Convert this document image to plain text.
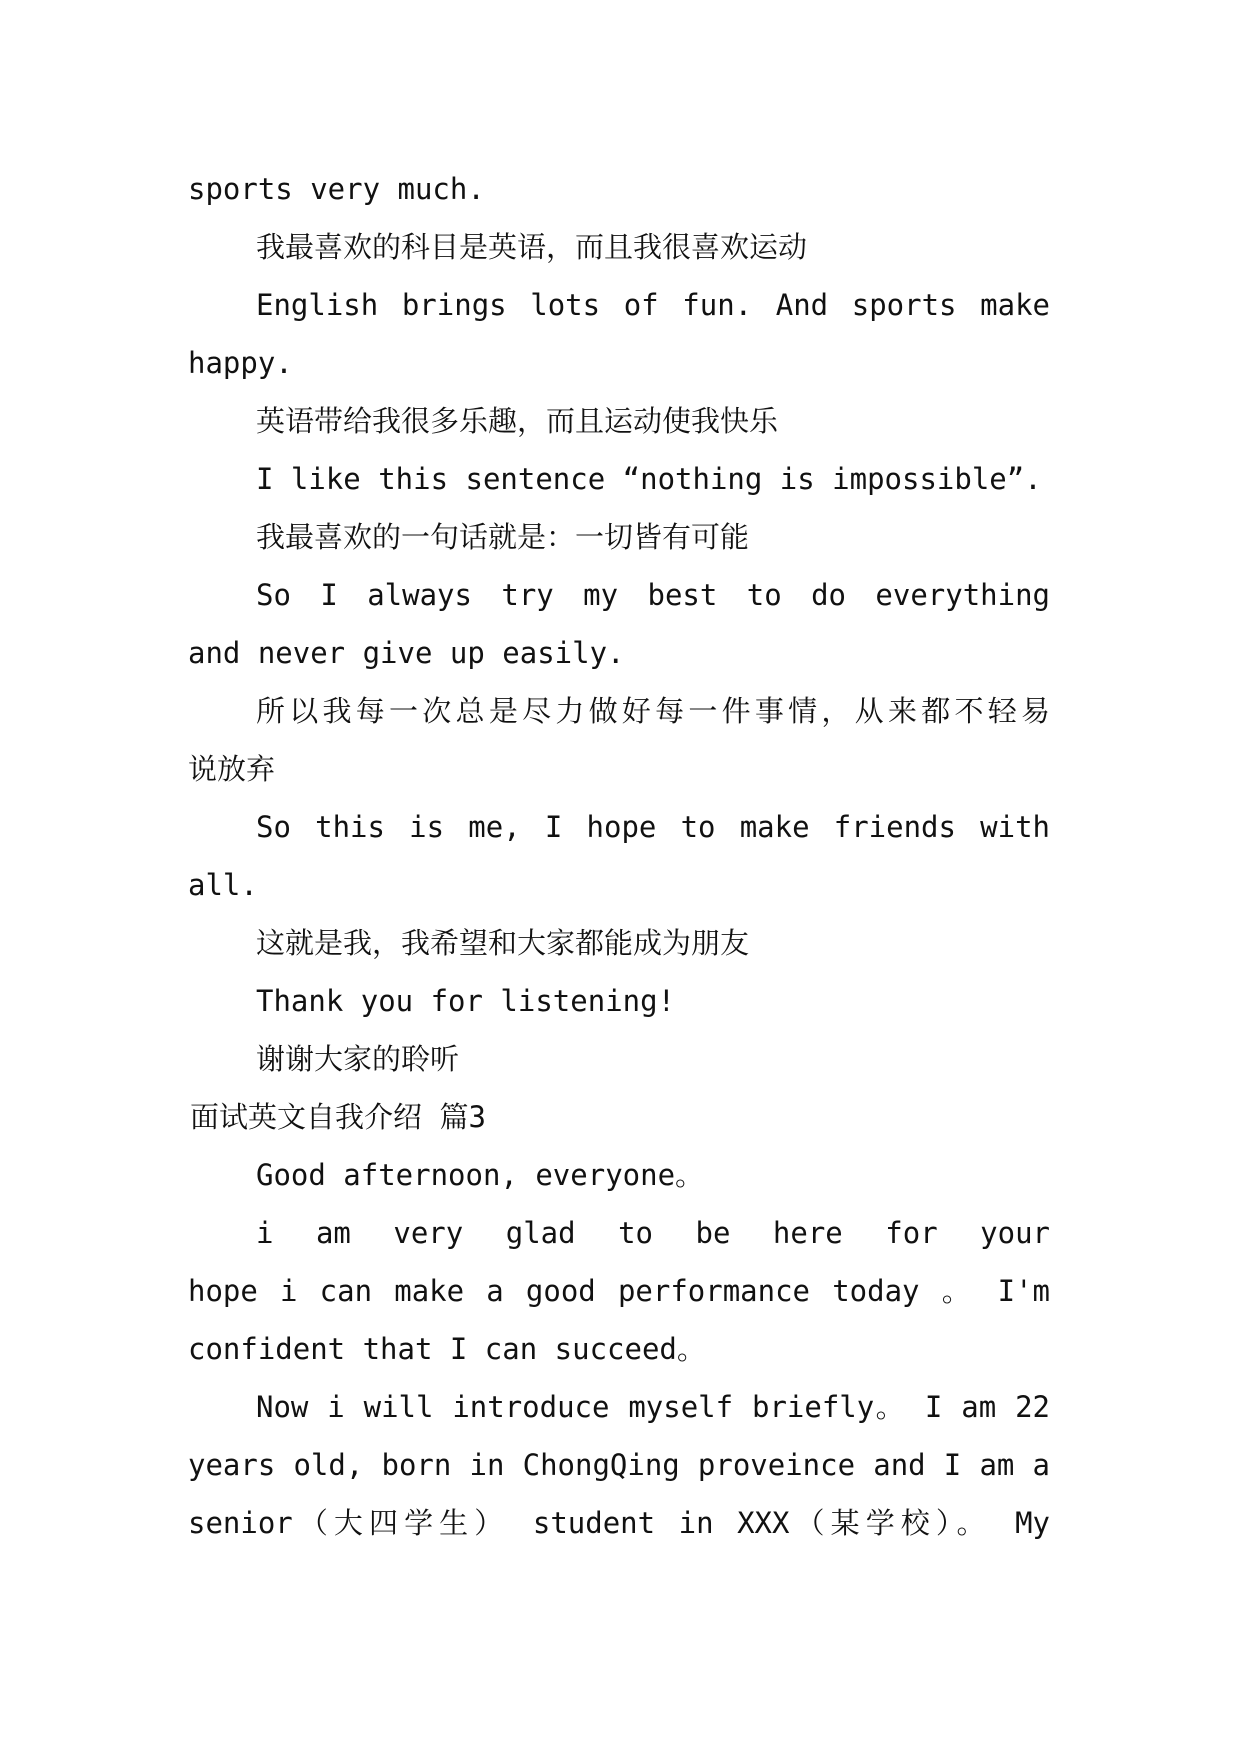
sports very much.
我最喜欢的科目是英语，而且我很喜欢运动
English brings lots of fun. And sports make
happy.
英语带给我很多乐趣，而且运动使我快乐
I like this sentence “nothing is impossible”.
我最喜欢的一句话就是：一切皆有可能
So I always try my best to do everything
and never give up easily.
所以我每一次总是尽力做好每一件事情，从来都不轻易
说放弃
So this is me, I hope to make friends with
all.
这就是我，我希望和大家都能成为朋友
Thank you for listening!
谢谢大家的聆听
面试英文自我介绍 篇3
Good afternoon, everyone。
i am very glad to be here for your
hope i can make a good performance today 。 I'm
confident that I can succeed。
Now i will introduce myself briefly。 I am 22
years old, born in ChongQing proveince and I am a
senior（大四学生） student in XXX（某学校）。 My
